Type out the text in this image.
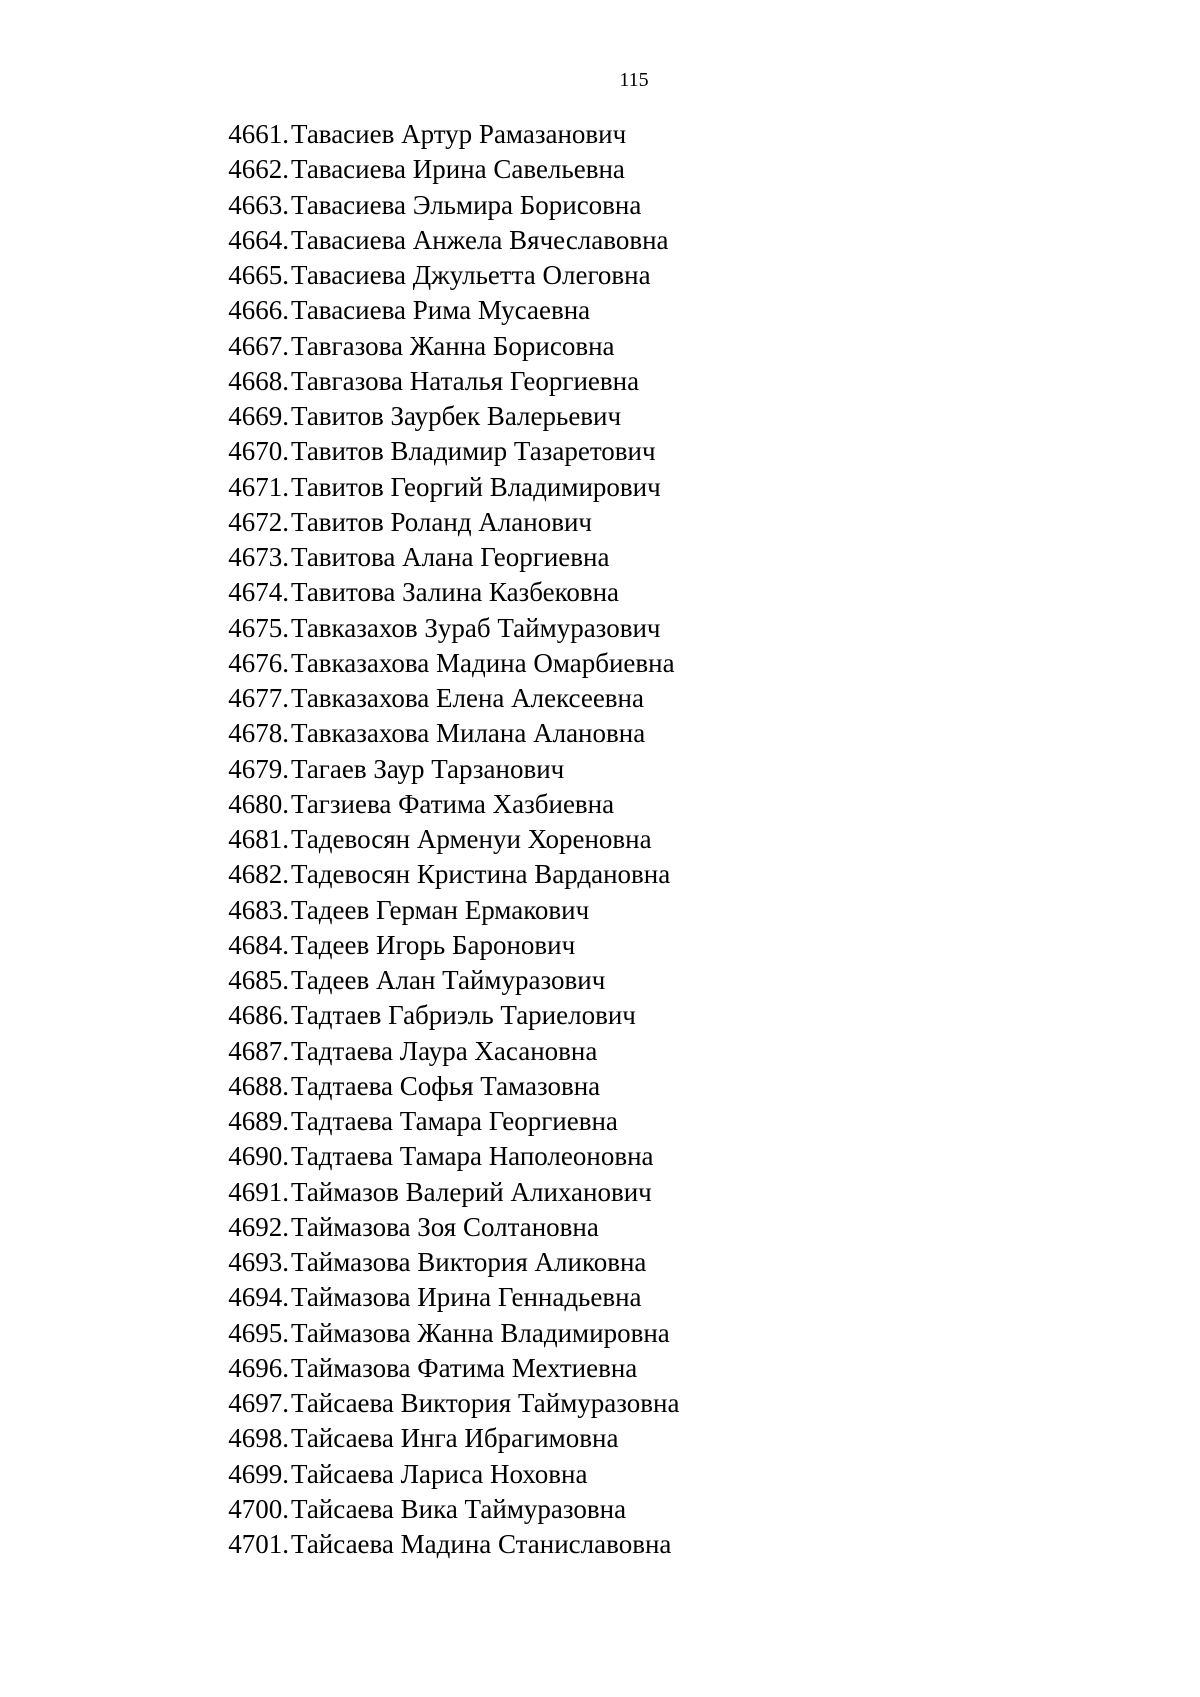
115
4661. Тавасиев Артур Рамазанович
4662. Тавасиева Ирина Савельевна
4663. Тавасиева Эльмира Борисовна
4664. Тавасиева Анжела Вячеславовна
4665. Тавасиева Джульетта Олеговна
4666. Тавасиева Рима Мусаевна
4667. Тавгазова Жанна Борисовна
4668. Тавгазова Наталья Георгиевна
4669. Тавитов Заурбек Валерьевич
4670. Тавитов Владимир Тазаретович
4671. Тавитов Георгий Владимирович
4672. Тавитов Роланд Аланович
4673. Тавитова Алана Георгиевна
4674. Тавитова Залина Казбековна
4675. Тавказахов Зураб Таймуразович
4676. Тавказахова Мадина Омарбиевна
4677. Тавказахова Елена Алексеевна
4678. Тавказахова Милана Алановна
4679. Тагаев Заур Тарзанович
4680. Тагзиева Фатима Хазбиевна
4681. Тадевосян Арменуи Хореновна
4682. Тадевосян Кристина Вардановна
4683. Тадеев Герман Ермакович
4684. Тадеев Игорь Баронович
4685. Тадеев Алан Таймуразович
4686. Тадтаев Габриэль Тариелович
4687. Тадтаева Лаура Хасановна
4688. Тадтаева Софья Тамазовна
4689. Тадтаева Тамара Георгиевна
4690. Тадтаева Тамара Наполеоновна
4691. Таймазов Валерий Алиханович
4692. Таймазова Зоя Солтановна
4693. Таймазова Виктория Аликовна
4694. Таймазова Ирина Геннадьевна
4695. Таймазова Жанна Владимировна
4696. Таймазова Фатима Мехтиевна
4697. Тайсаева Виктория Таймуразовна
4698. Тайсаева Инга Ибрагимовна
4699. Тайсаева Лариса Ноховна
4700. Тайсаева Вика Таймуразовна
4701. Тайсаева Мадина Станиславовна
